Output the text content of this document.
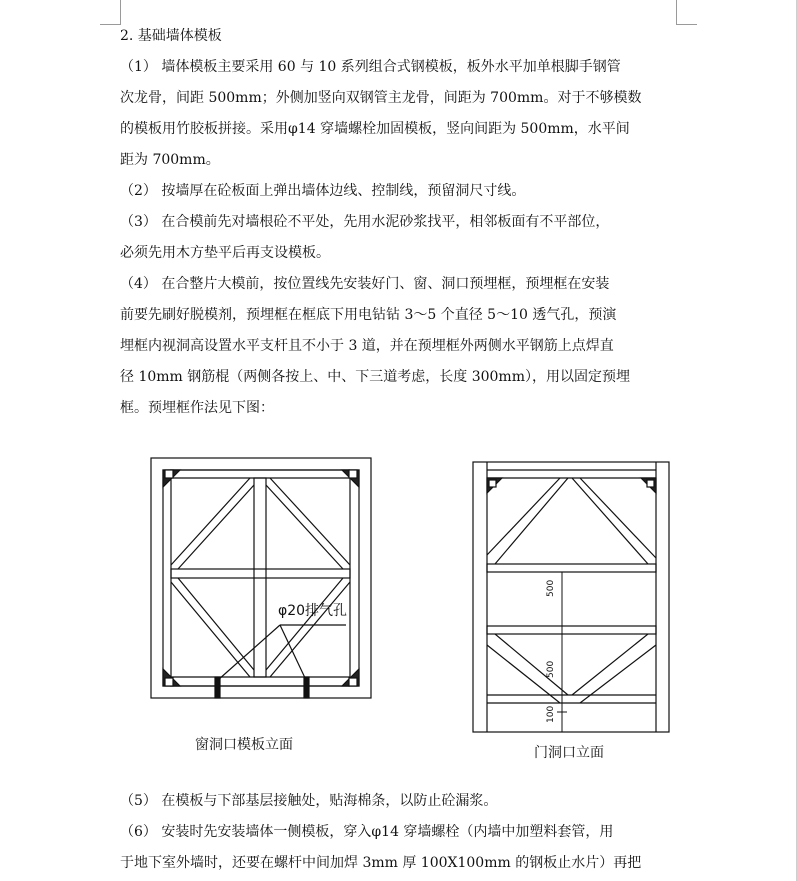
2. 基础墙体模板

（1） 墙体模板主要采用 60 与 10 系列组合式钢模板，板外水平加单根脚手钢管
次龙骨，间距 500mm；外侧加竖向双钢管主龙骨，间距为 700mm。对于不够模数
的模板用竹胶板拼接。采用φ14 穿墙螺栓加固模板，竖向间距为 500mm，水平间
距为 700mm。

（2） 按墙厚在砼板面上弹出墙体边线、控制线，预留洞尺寸线。

（3） 在合模前先对墙根砼不平处，先用水泥砂浆找平，相邻板面有不平部位，
必须先用木方垫平后再支设模板。

（4） 在合整片大模前，按位置线先安装好门、窗、洞口预埋框，预埋框在安装
前要先刷好脱模剂，预埋框在框底下用电钻钻 3～5 个直径 5～10 透气孔，预演
埋框内视洞高设置水平支杆且不小于 3 道，并在预埋框外两侧水平钢筋上点焊直
径 10mm 钢筋棍（两侧各按上、中、下三道考虑，长度 300mm），用以固定预埋
框。预埋框作法见下图：

φ20排气孔
窗洞口模板立面	门洞口立面
500
500
100

（5） 在模板与下部基层接触处，贴海棉条，以防止砼漏浆。

（6） 安装时先安装墙体一侧模板，穿入φ14 穿墙螺栓（内墙中加塑料套管，用
于地下室外墙时，还要在螺杆中间加焊 3mm 厚 100X100mm 的钢板止水片）再把
